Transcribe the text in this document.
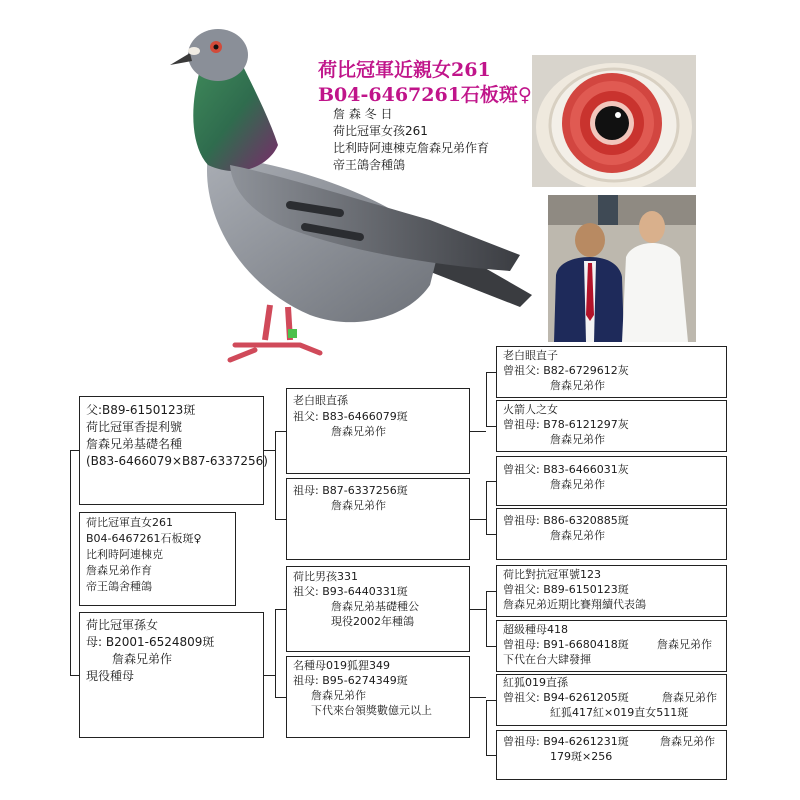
荷比冠軍近親女261
B04-6467261石板斑♀
詹 森 冬 日
荷比冠軍女孩261
比利時阿連棟克詹森兄弟作育
帝王鴿舍種鴿
父:B89-6150123斑
荷比冠軍香提利號
詹森兄弟基礎名種
(B83-6466079×B87-6337256)
荷比冠軍直女261
B04-6467261石板斑♀
比利時阿連棟克
詹森兄弟作育
帝王鴿舍種鴿
荷比冠軍孫女
母: B2001-6524809斑
詹森兄弟作
現役種母
老白眼直孫
祖父: B83-6466079斑
詹森兄弟作
祖母: B87-6337256斑
詹森兄弟作
荷比男孩331
祖父: B93-6440331斑
詹森兄弟基礎種公
現役2002年種鴿
名種母019狐狸349
祖母: B95-6274349斑
詹森兄弟作
下代來台領獎數億元以上
老白眼直子
曾祖父: B82-6729612灰
詹森兄弟作
火箭人之女
曾祖母: B78-6121297灰
詹森兄弟作
曾祖父: B83-6466031灰
詹森兄弟作
曾祖母: B86-6320885斑
詹森兄弟作
荷比對抗冠軍號123
曾祖父: B89-6150123斑
詹森兄弟近期比賽翔續代表鴿
超級種母418
曾祖母: B91-6680418斑	詹森兄弟作
下代在台大肆發揮
紅狐019直孫
曾祖父: B94-6261205斑	詹森兄弟作
紅狐417紅×019直女511斑
曾祖母: B94-6261231斑	詹森兄弟作
179斑×256
